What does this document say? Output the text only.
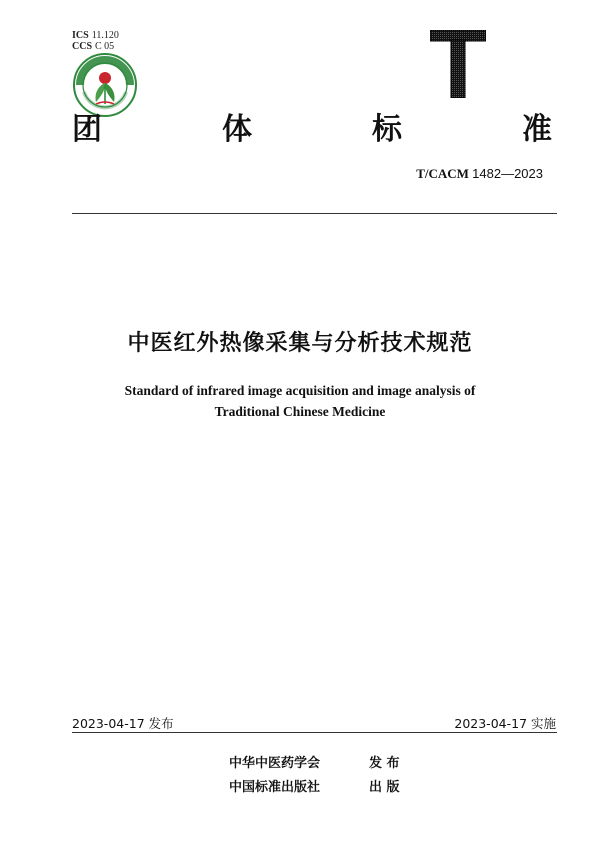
ICS 11.120
CCS C 05
团	体	标	准
T/CACM 1482—2023
中医红外热像采集与分析技术规范
Standard of infrared image acquisition and image analysis of
Traditional Chinese Medicine
2023-04-17 发布	2023-04-17 实施
中华中医药学会	发 布
中国标准出版社	出 版
